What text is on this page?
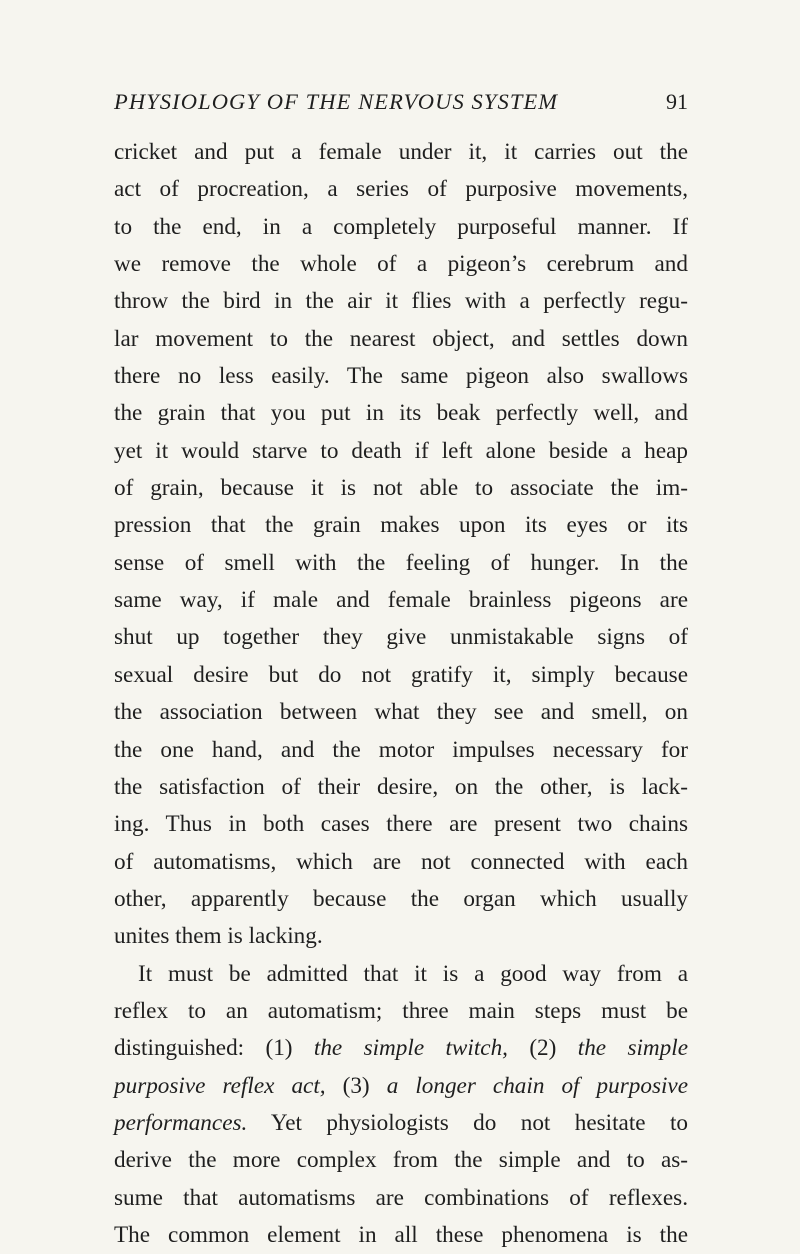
PHYSIOLOGY OF THE NERVOUS SYSTEM	91
cricket and put a female under it, it carries out the
act of procreation, a series of purposive movements,
to the end, in a completely purposeful manner. If
we remove the whole of a pigeon’s cerebrum and
throw the bird in the air it flies with a perfectly regu-
lar movement to the nearest object, and settles down
there no less easily. The same pigeon also swallows
the grain that you put in its beak perfectly well, and
yet it would starve to death if left alone beside a heap
of grain, because it is not able to associate the im-
pression that the grain makes upon its eyes or its
sense of smell with the feeling of hunger. In the
same way, if male and female brainless pigeons are
shut up together they give unmistakable signs of
sexual desire but do not gratify it, simply because
the association between what they see and smell, on
the one hand, and the motor impulses necessary for
the satisfaction of their desire, on the other, is lack-
ing. Thus in both cases there are present two chains
of automatisms, which are not connected with each
other, apparently because the organ which usually
unites them is lacking.
It must be admitted that it is a good way from a
reflex to an automatism; three main steps must be
distinguished: (1) the simple twitch, (2) the simple
purposive reflex act, (3) a longer chain of purposive
performances. Yet physiologists do not hesitate to
derive the more complex from the simple and to as-
sume that automatisms are combinations of reflexes.
The common element in all these phenomena is the
